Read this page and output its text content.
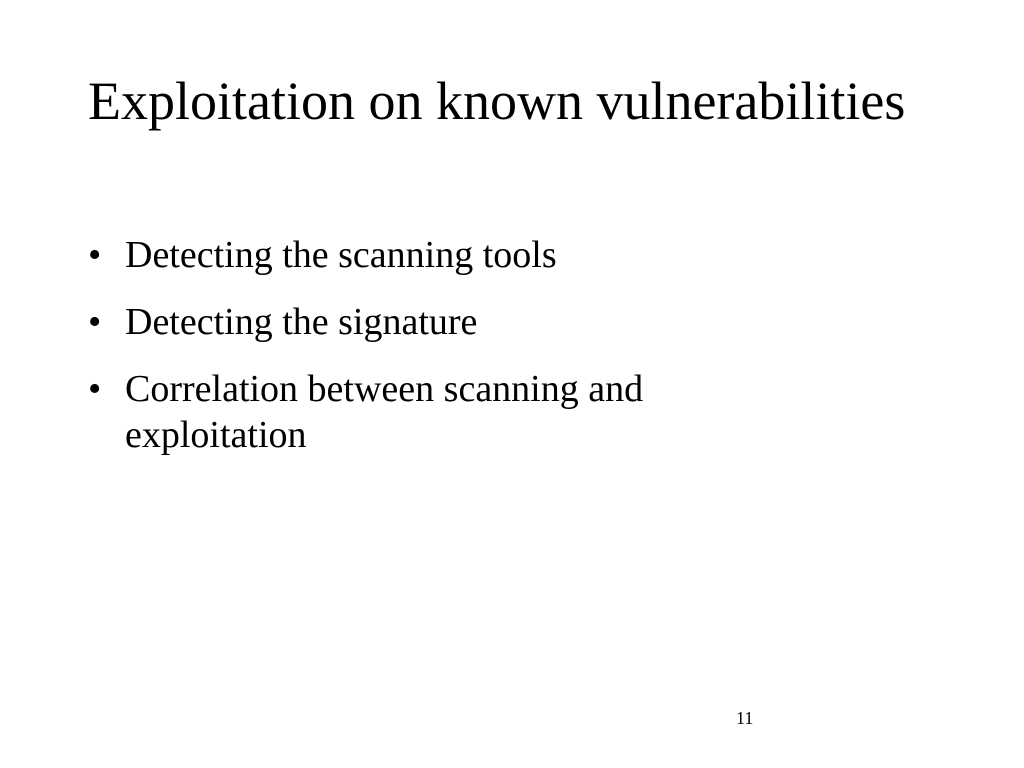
Exploitation on known vulnerabilities
• Detecting the scanning tools
• Detecting the signature
• Correlation between scanning and exploitation
11
